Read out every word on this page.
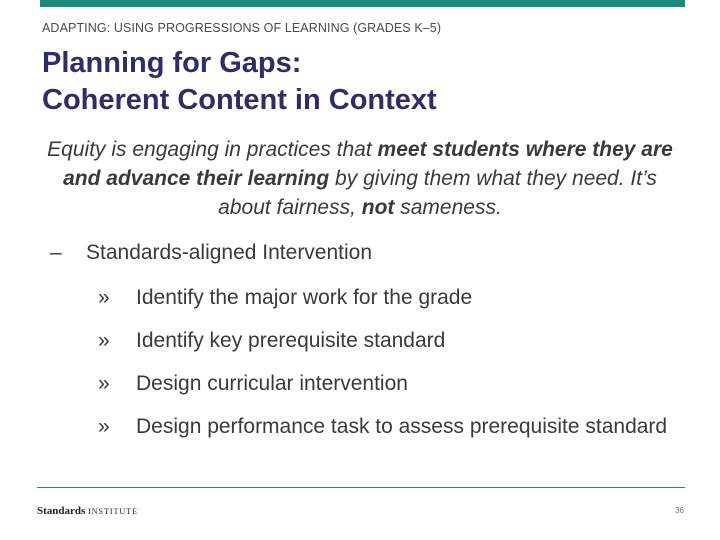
ADAPTING: USING PROGRESSIONS OF LEARNING (GRADES K–5)
Planning for Gaps:
Coherent Content in Context

Equity is engaging in practices that meet students where they are and advance their learning by giving them what they need. It’s about fairness, not sameness.

– Standards-aligned Intervention
»	Identify the major work for the grade
»	Identify key prerequisite standard
»	Design curricular intervention
»	Design performance task to assess prerequisite standard
Standards INSTITUTE	36
